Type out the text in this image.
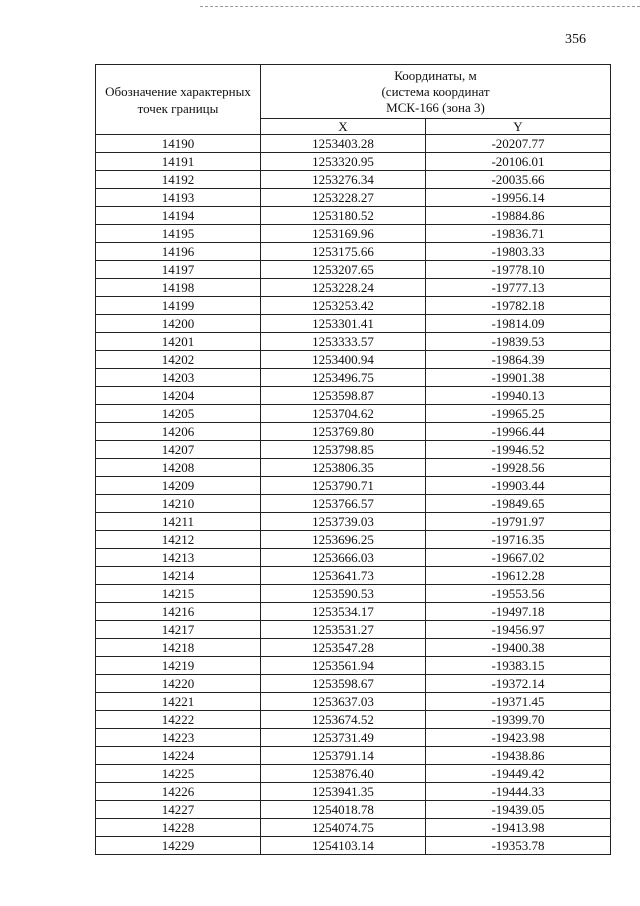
356
Обозначение характерных точек границы	Координаты, м
(система координат
МСК-166 (зона 3)	

	X	Y
14190	1253403.28	-20207.77
14191	1253320.95	-20106.01
14192	1253276.34	-20035.66
14193	1253228.27	-19956.14
14194	1253180.52	-19884.86
14195	1253169.96	-19836.71
14196	1253175.66	-19803.33
14197	1253207.65	-19778.10
14198	1253228.24	-19777.13
14199	1253253.42	-19782.18
14200	1253301.41	-19814.09
14201	1253333.57	-19839.53
14202	1253400.94	-19864.39
14203	1253496.75	-19901.38
14204	1253598.87	-19940.13
14205	1253704.62	-19965.25
14206	1253769.80	-19966.44
14207	1253798.85	-19946.52
14208	1253806.35	-19928.56
14209	1253790.71	-19903.44
14210	1253766.57	-19849.65
14211	1253739.03	-19791.97
14212	1253696.25	-19716.35
14213	1253666.03	-19667.02
14214	1253641.73	-19612.28
14215	1253590.53	-19553.56
14216	1253534.17	-19497.18
14217	1253531.27	-19456.97
14218	1253547.28	-19400.38
14219	1253561.94	-19383.15
14220	1253598.67	-19372.14
14221	1253637.03	-19371.45
14222	1253674.52	-19399.70
14223	1253731.49	-19423.98
14224	1253791.14	-19438.86
14225	1253876.40	-19449.42
14226	1253941.35	-19444.33
14227	1254018.78	-19439.05
14228	1254074.75	-19413.98
14229	1254103.14	-19353.78
